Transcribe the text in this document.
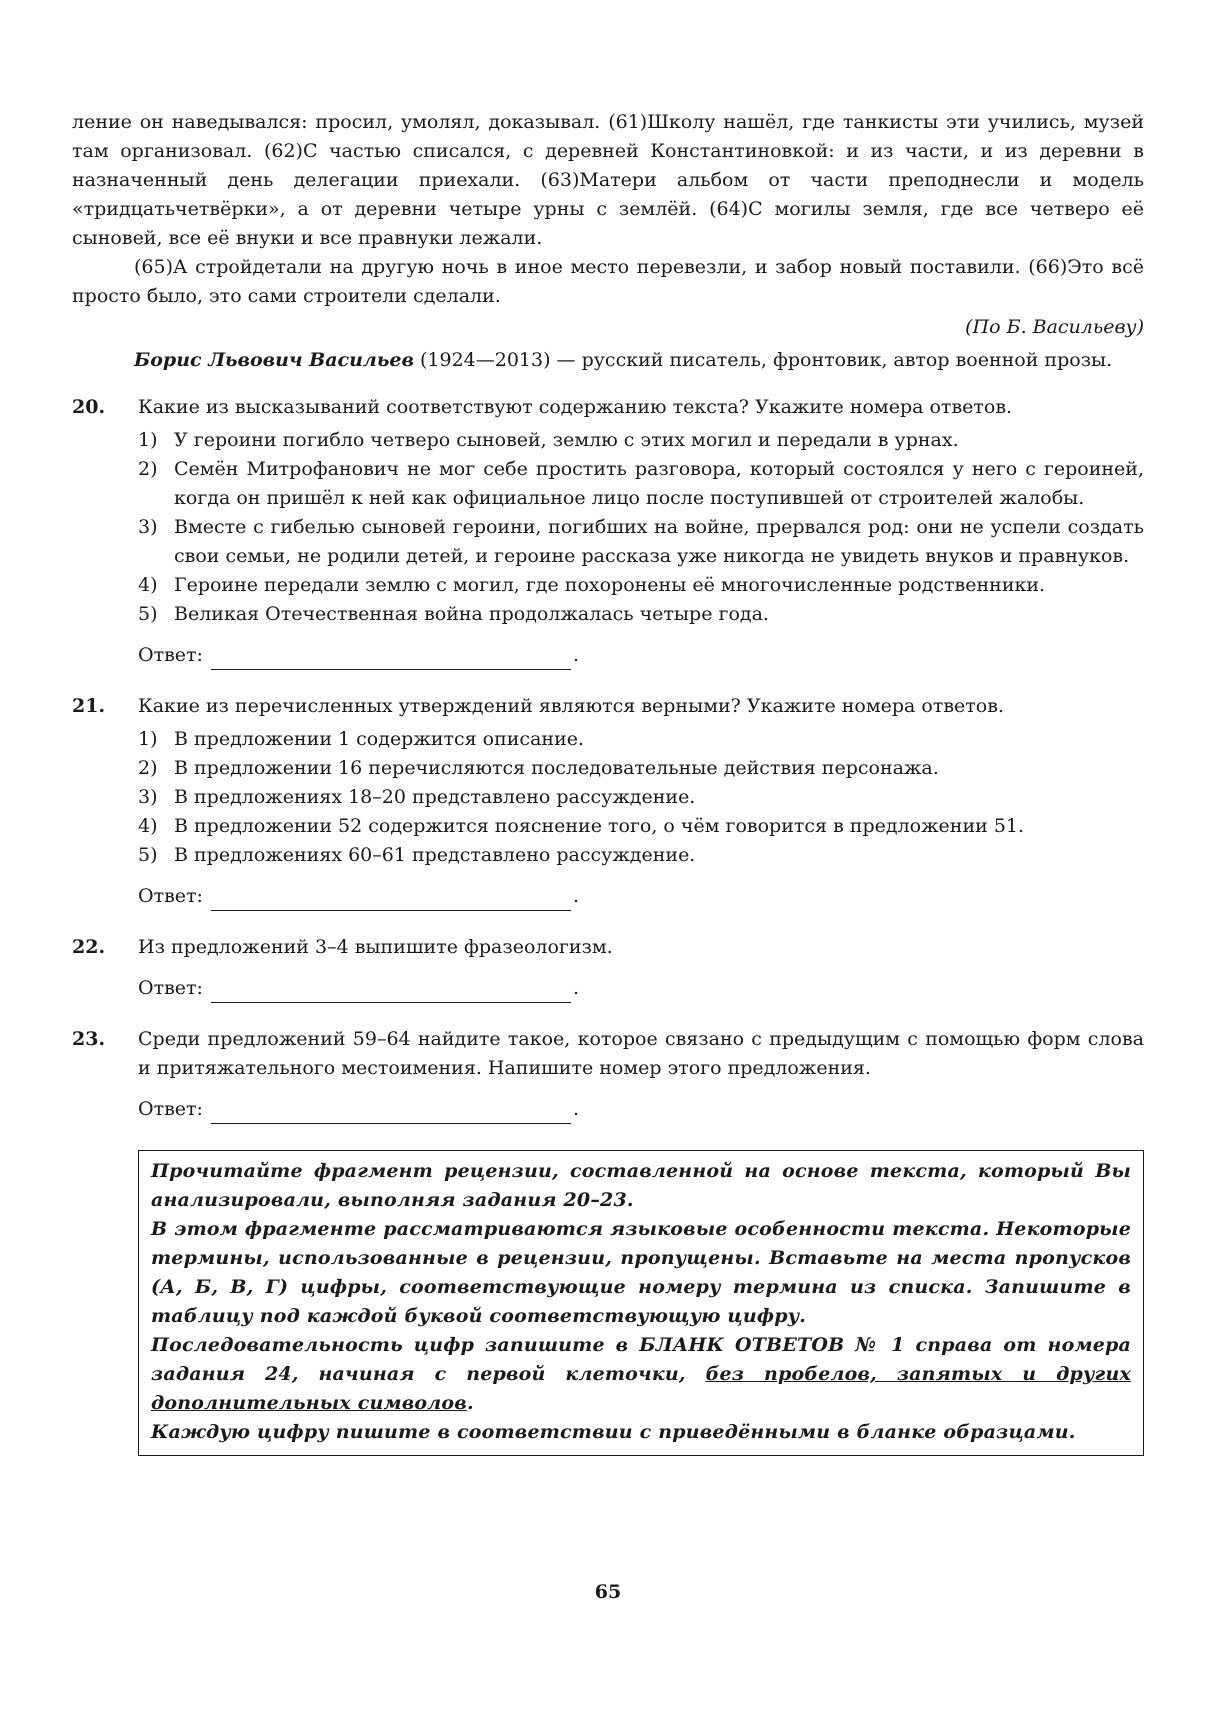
ление он наведывался: просил, умолял, доказывал. (61)Школу нашёл, где танкисты эти учились, музей там организовал. (62)С частью списался, с деревней Константиновкой: и из части, и из деревни в назначенный день делегации приехали. (63)Матери альбом от части преподнесли и модель «тридцатьчетвёрки», а от деревни четыре урны с землёй. (64)С могилы земля, где все четверо её сыновей, все её внуки и все правнуки лежали.

(65)А стройдетали на другую ночь в иное место перевезли, и забор новый поставили. (66)Это всё просто было, это сами строители сделали.

(По Б. Васильеву)

Борис Львович Васильев (1924—2013) — русский писатель, фронтовик, автор военной прозы.

20.	Какие из высказываний соответствуют содержанию текста? Укажите номера ответов.
1) У героини погибло четверо сыновей, землю с этих могил и передали в урнах.
2) Семён Митрофанович не мог себе простить разговора, который состоялся у него с героиней, когда он пришёл к ней как официальное лицо после поступившей от строителей жалобы.
3) Вместе с гибелью сыновей героини, погибших на войне, прервался род: они не успели создать свои семьи, не родили детей, и героине рассказа уже никогда не увидеть внуков и правнуков.
4) Героине передали землю с могил, где похоронены её многочисленные родственники.
5) Великая Отечественная война продолжалась четыре года.
Ответ:	.
21.	Какие из перечисленных утверждений являются верными? Укажите номера ответов.
1) В предложении 1 содержится описание.
2) В предложении 16 перечисляются последовательные действия персонажа.
3) В предложениях 18–20 представлено рассуждение.
4) В предложении 52 содержится пояснение того, о чём говорится в предложении 51.
5) В предложениях 60–61 представлено рассуждение.
Ответ:	.
22.	Из предложений 3–4 выпишите фразеологизм.
Ответ:	.
23.	Среди предложений 59–64 найдите такое, которое связано с предыдущим с помощью форм слова и притяжательного местоимения. Напишите номер этого предложения.
Ответ:	.

Прочитайте фрагмент рецензии, составленной на основе текста, который Вы анализировали, выполняя задания 20–23.

В этом фрагменте рассматриваются языковые особенности текста. Некоторые термины, использованные в рецензии, пропущены. Вставьте на места пропусков (А, Б, В, Г) цифры, соответствующие номеру термина из списка. Запишите в таблицу под каждой буквой соответствующую цифру.

Последовательность цифр запишите в БЛАНК ОТВЕТОВ № 1 справа от номера задания 24, начиная с первой клеточки, без пробелов, запятых и других дополнительных символов.

Каждую цифру пишите в соответствии с приведёнными в бланке образцами.

65
